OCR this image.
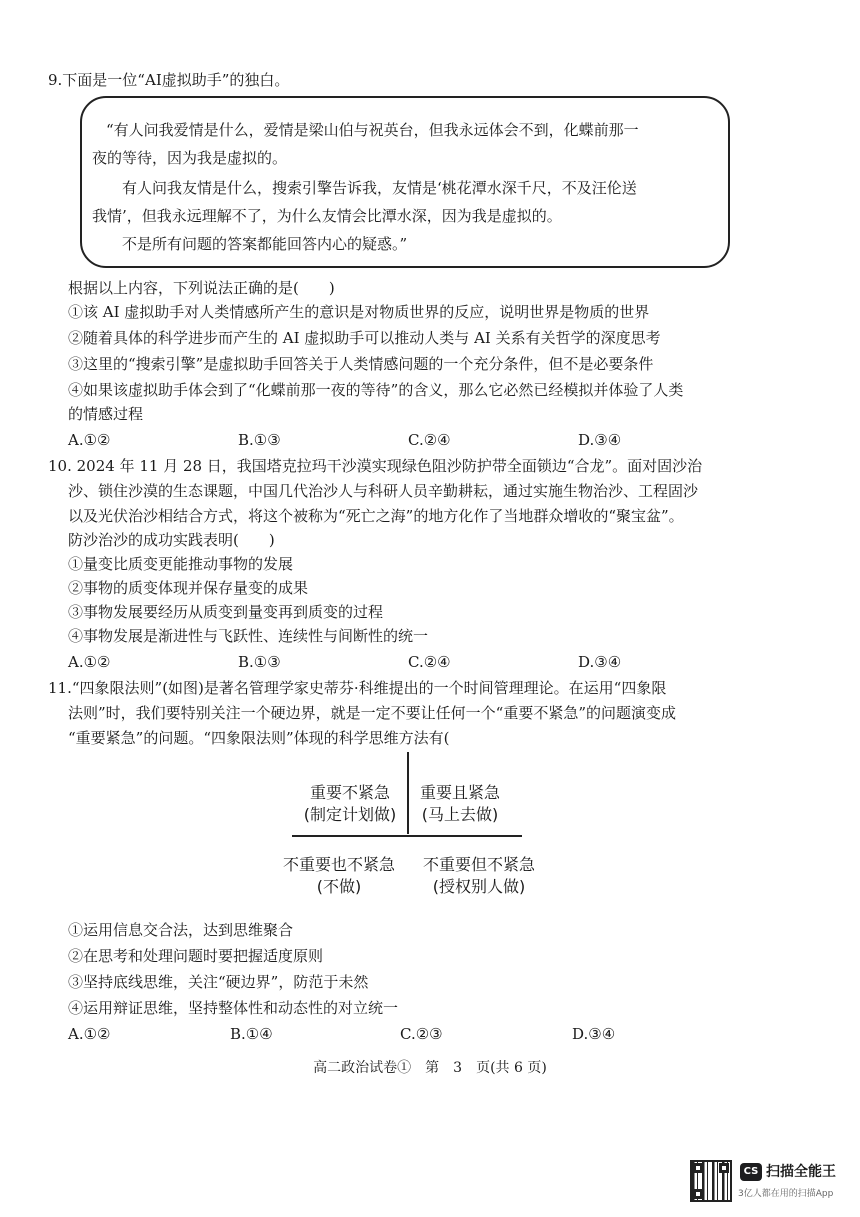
9.下面是一位“AI虚拟助手”的独白。
“有人问我爱情是什么，爱情是梁山伯与祝英台，但我永远体会不到，化蝶前那一
夜的等待，因为我是虚拟的。
有人问我友情是什么，搜索引擎告诉我，友情是‘桃花潭水深千尺，不及汪伦送
我情’，但我永远理解不了，为什么友情会比潭水深，因为我是虚拟的。
不是所有问题的答案都能回答内心的疑惑。”
根据以上内容，下列说法正确的是(　　)
①该 AI 虚拟助手对人类情感所产生的意识是对物质世界的反应，说明世界是物质的世界
②随着具体的科学进步而产生的 AI 虚拟助手可以推动人类与 AI 关系有关哲学的深度思考
③这里的“搜索引擎”是虚拟助手回答关于人类情感问题的一个充分条件，但不是必要条件
④如果该虚拟助手体会到了“化蝶前那一夜的等待”的含义，那么它必然已经模拟并体验了人类
的情感过程
A.①②	B.①③	C.②④	D.③④
10. 2024 年 11 月 28 日，我国塔克拉玛干沙漠实现绿色阻沙防护带全面锁边“合龙”。面对固沙治
沙、锁住沙漠的生态课题，中国几代治沙人与科研人员辛勤耕耘，通过实施生物治沙、工程固沙
以及光伏治沙相结合方式，将这个被称为“死亡之海”的地方化作了当地群众增收的“聚宝盆”。
防沙治沙的成功实践表明(　　)
①量变比质变更能推动事物的发展
②事物的质变体现并保存量变的成果
③事物发展要经历从质变到量变再到质变的过程
④事物发展是渐进性与飞跃性、连续性与间断性的统一
A.①②	B.①③	C.②④	D.③④
11.“四象限法则”(如图)是著名管理学家史蒂芬·科维提出的一个时间管理理论。在运用“四象限
法则”时，我们要特别关注一个硬边界，就是一定不要让任何一个“重要不紧急”的问题演变成
“重要紧急”的问题。“四象限法则”体现的科学思维方法有(
重要不紧急
(制定计划做)
重要且紧急
(马上去做)
不重要也不紧急
(不做)
不重要但不紧急
(授权别人做)
①运用信息交合法，达到思维聚合
②在思考和处理问题时要把握适度原则
③坚持底线思维，关注“硬边界”，防范于未然
④运用辩证思维，坚持整体性和动态性的对立统一
A.①②	B.①④	C.②③	D.③④
高二政治试卷①　第　3　页(共 6 页)
CS 扫描全能王
3亿人都在用的扫描App
